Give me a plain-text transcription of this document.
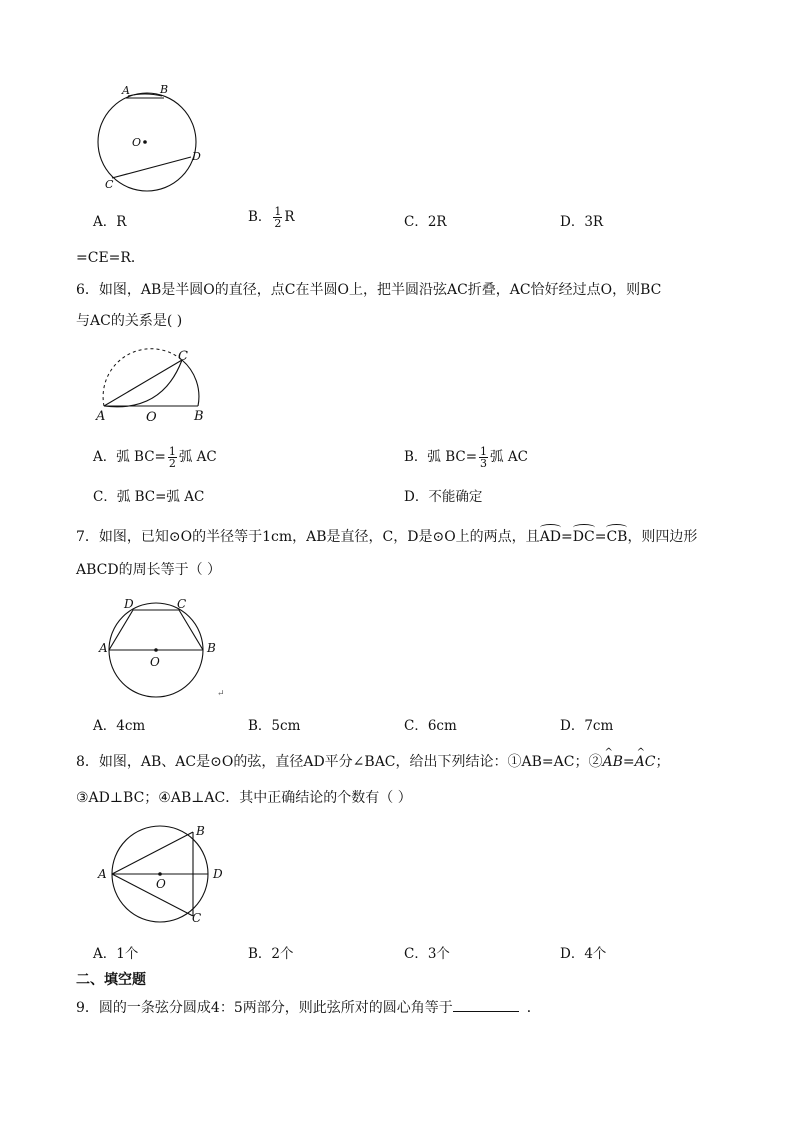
A	B
O
D
C
A．R	B． $\frac{1}{2}$ R	C．2R	D．3R
=CE=R．
6．如图，AB是半圆O的直径，点C在半圆O上，把半圆沿弦AC折叠，AC恰好经过点O，则BC
与AC的关系是( )
C
A	O	B
A．弧 $BC= \frac{1}{2}$ 弧 AC	B．弧 $BC= \frac{1}{3}$ 弧 AC
C．弧 BC=弧 AC	D．不能确定
7．如图，已知⊙O的半径等于1cm，AB是直径，C，D是⊙O上的两点，且AD=DC=CB，则四边形
ABCD的周长等于（ ）
D	C
A
O
B
↵
A．4cm	B．5cm	C．6cm	D．7cm
8．如图，AB、AC是⊙O的弦，直径AD平分∠BAC，给出下列结论：①AB=AC；②^ AB=^ AC；
③AD⊥BC；④AB⊥AC．其中正确结论的个数有（ ）
B
A
O
D
C
A．1个	B．2个	C．3个	D．4个
二、填空题
9．圆的一条弦分圆成4：5两部分，则此弦所对的圆心角等于	．
